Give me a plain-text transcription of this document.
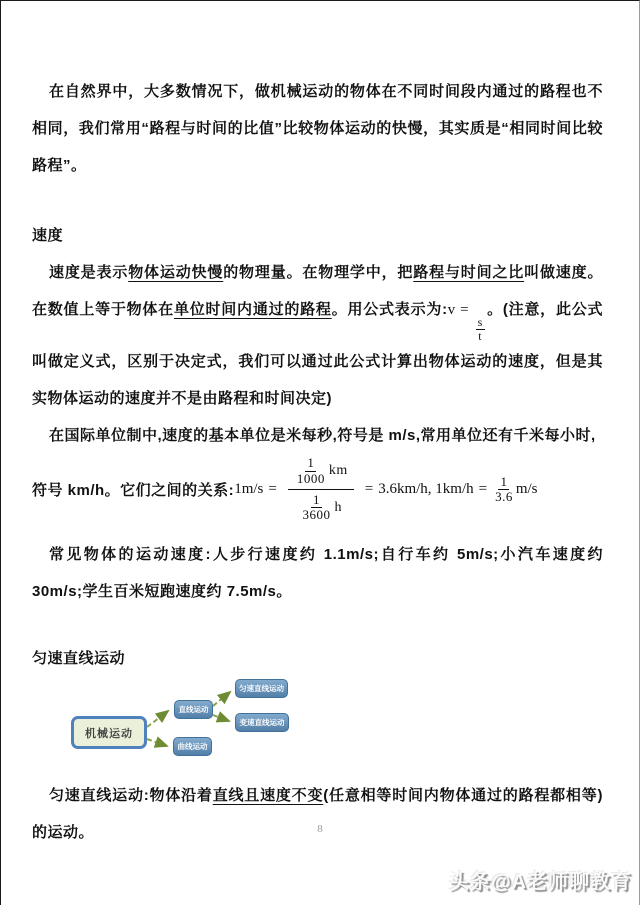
在自然界中，大多数情况下，做机械运动的物体在不同时间段内通过的路程也不相同，我们常用“路程与时间的比值”比较物体运动的快慢，其实质是“相同时间比较路程”。

速度

速度是表示物体运动快慢的物理量。在物理学中，把路程与时间之比叫做速度。在数值上等于物体在单位时间内通过的路程。用公式表示为:v =
$\frac{s}{t}$
。(注意，此公式叫做定义式，区别于决定式，我们可以通过此公式计算出物体运动的速度，但是其实物体运动的速度并不是由路程和时间决定)

在国际单位制中,速度的基本单位是米每秒,符号是 m/s,常用单位还有千米每小时,

符号 km/h。它们之间的关系: $1m/s = \frac{\frac{1}{1000} km}{\frac{1}{3600} h} = 3.6km/h$, $1km/h = \frac{1}{3.6} m/s$

常见物体的运动速度:人步行速度约 1.1m/s;自行车约 5m/s;小汽车速度约 30m/s;学生百米短跑速度约 7.5m/s。

匀速直线运动
机械运动
直线运动
曲线运动
匀速直线运动
变速直线运动

匀速直线运动:物体沿着直线且速度不变(任意相等时间内物体通过的路程都相等)的运动。	8
头条@A老师聊教育
